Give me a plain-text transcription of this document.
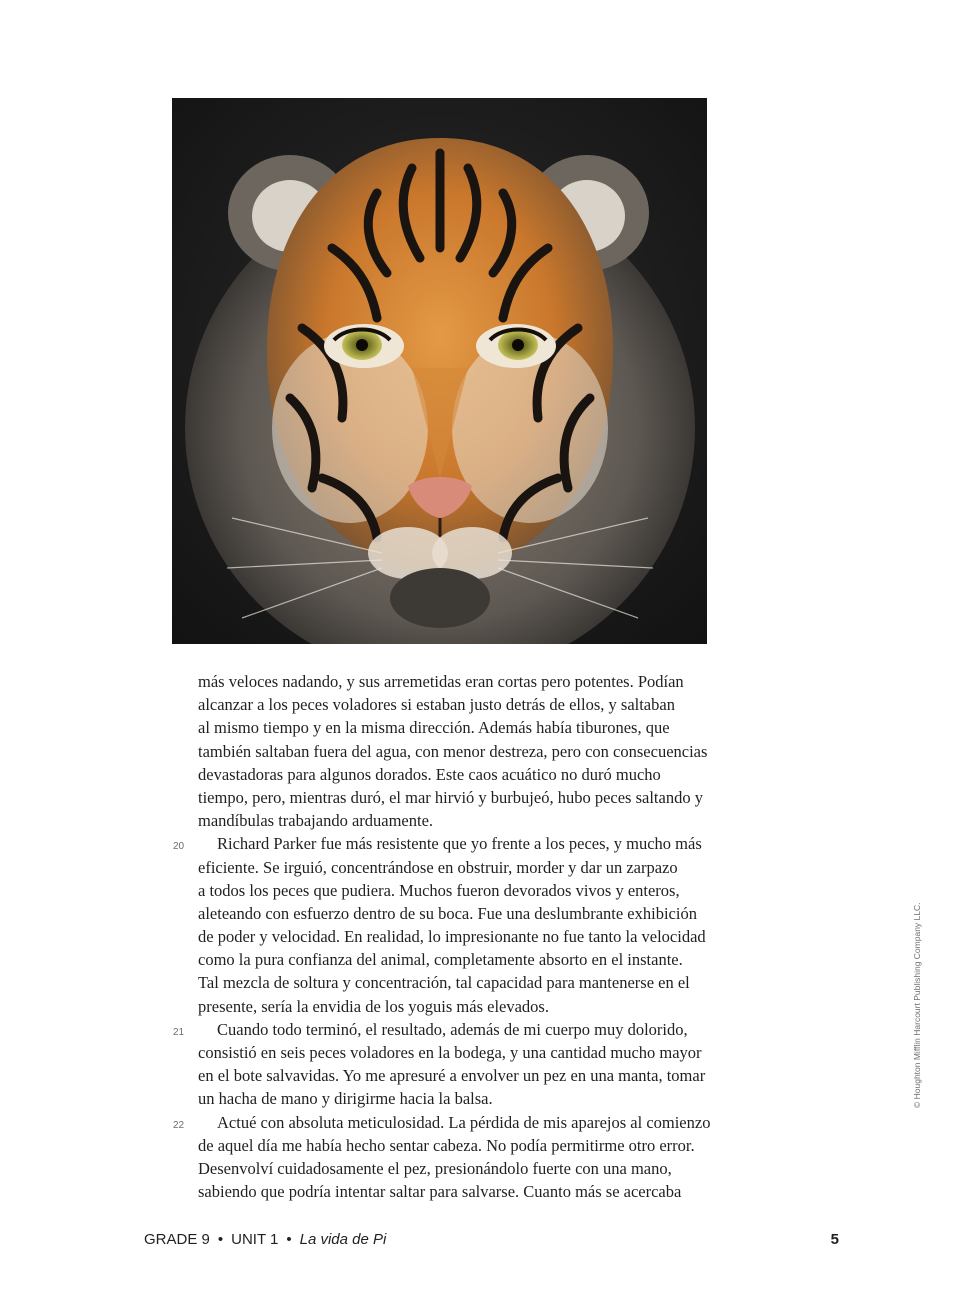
más veloces nadando, y sus arremetidas eran cortas pero potentes. Podían
alcanzar a los peces voladores si estaban justo detrás de ellos, y saltaban
al mismo tiempo y en la misma dirección. Además había tiburones, que
también saltaban fuera del agua, con menor destreza, pero con consecuencias
devastadoras para algunos dorados. Este caos acuático no duró mucho
tiempo, pero, mientras duró, el mar hirvió y burbujeó, hubo peces saltando y
mandíbulas trabajando arduamente.
20 Richard Parker fue más resistente que yo frente a los peces, y mucho más
eficiente. Se irguió, concentrándose en obstruir, morder y dar un zarpazo
a todos los peces que pudiera. Muchos fueron devorados vivos y enteros,
aleteando con esfuerzo dentro de su boca. Fue una deslumbrante exhibición
de poder y velocidad. En realidad, lo impresionante no fue tanto la velocidad
como la pura confianza del animal, completamente absorto en el instante.
Tal mezcla de soltura y concentración, tal capacidad para mantenerse en el
presente, sería la envidia de los yoguis más elevados.
21 Cuando todo terminó, el resultado, además de mi cuerpo muy dolorido,
consistió en seis peces voladores en la bodega, y una cantidad mucho mayor
en el bote salvavidas. Yo me apresuré a envolver un pez en una manta, tomar
un hacha de mano y dirigirme hacia la balsa.
22 Actué con absoluta meticulosidad. La pérdida de mis aparejos al comienzo
de aquel día me había hecho sentar cabeza. No podía permitirme otro error.
Desenvolví cuidadosamente el pez, presionándolo fuerte con una mano,
sabiendo que podría intentar saltar para salvarse. Cuanto más se acercaba
© Houghton Mifflin Harcourt Publishing Company LLC.
GRADE 9 • UNIT 1 • La vida de Pi	5
